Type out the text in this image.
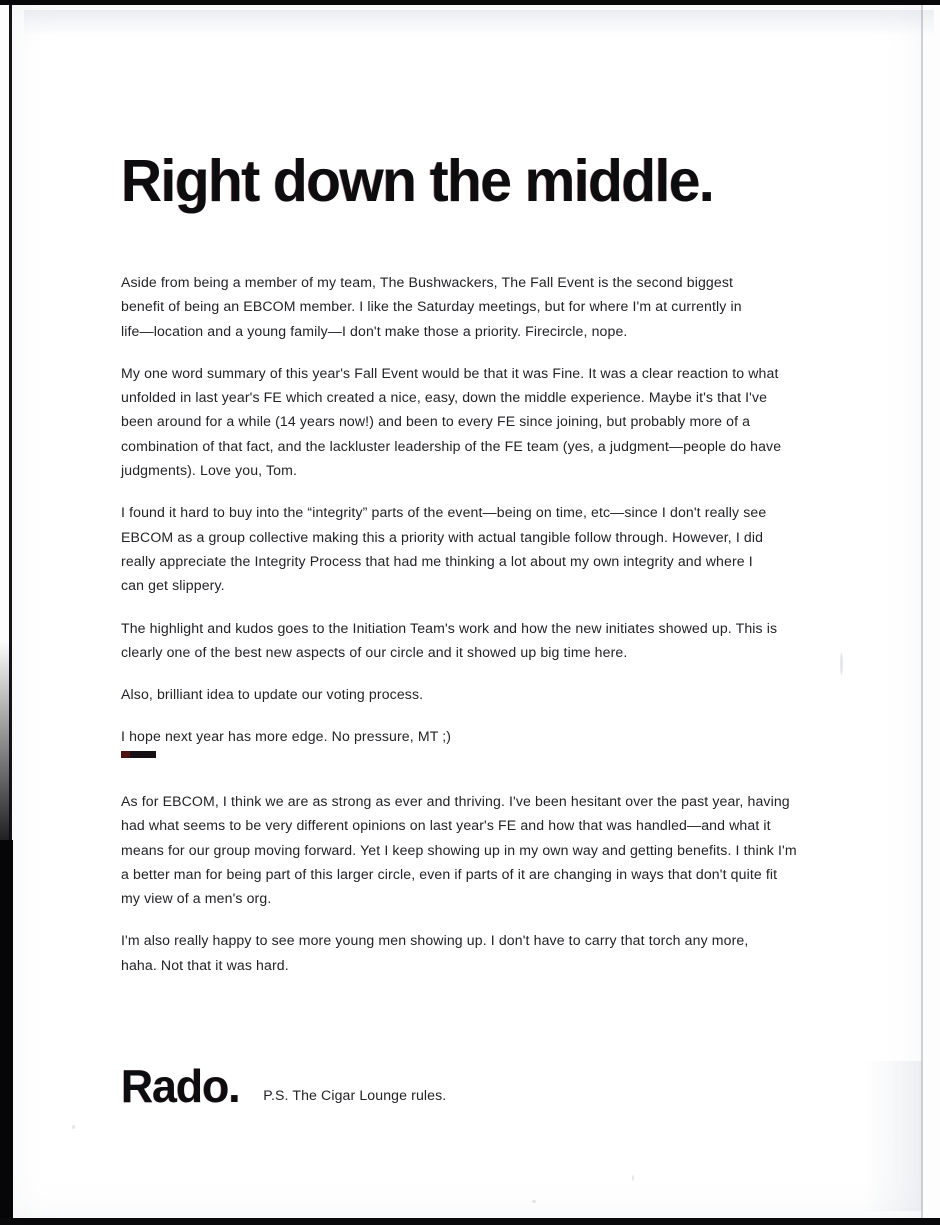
Right down the middle.

Aside from being a member of my team, The Bushwackers, The Fall Event is the second biggest benefit of being an EBCOM member. I like the Saturday meetings, but for where I'm at currently in life—location and a young family—I don't make those a priority. Firecircle, nope.

My one word summary of this year's Fall Event would be that it was Fine. It was a clear reaction to what unfolded in last year's FE which created a nice, easy, down the middle experience. Maybe it's that I've been around for a while (14 years now!) and been to every FE since joining, but probably more of a combination of that fact, and the lackluster leadership of the FE team (yes, a judgment—people do have judgments). Love you, Tom.

I found it hard to buy into the “integrity” parts of the event—being on time, etc—since I don't really see EBCOM as a group collective making this a priority with actual tangible follow through. However, I did really appreciate the Integrity Process that had me thinking a lot about my own integrity and where I can get slippery.

The highlight and kudos goes to the Initiation Team's work and how the new initiates showed up. This is clearly one of the best new aspects of our circle and it showed up big time here.

Also, brilliant idea to update our voting process.

I hope next year has more edge. No pressure, MT ;)

As for EBCOM, I think we are as strong as ever and thriving. I've been hesitant over the past year, having had what seems to be very different opinions on last year's FE and how that was handled—and what it means for our group moving forward. Yet I keep showing up in my own way and getting benefits. I think I'm a better man for being part of this larger circle, even if parts of it are changing in ways that don't quite fit my view of a men's org.

I'm also really happy to see more young men showing up. I don't have to carry that torch any more, haha. Not that it was hard.

Rado. P.S. The Cigar Lounge rules.
